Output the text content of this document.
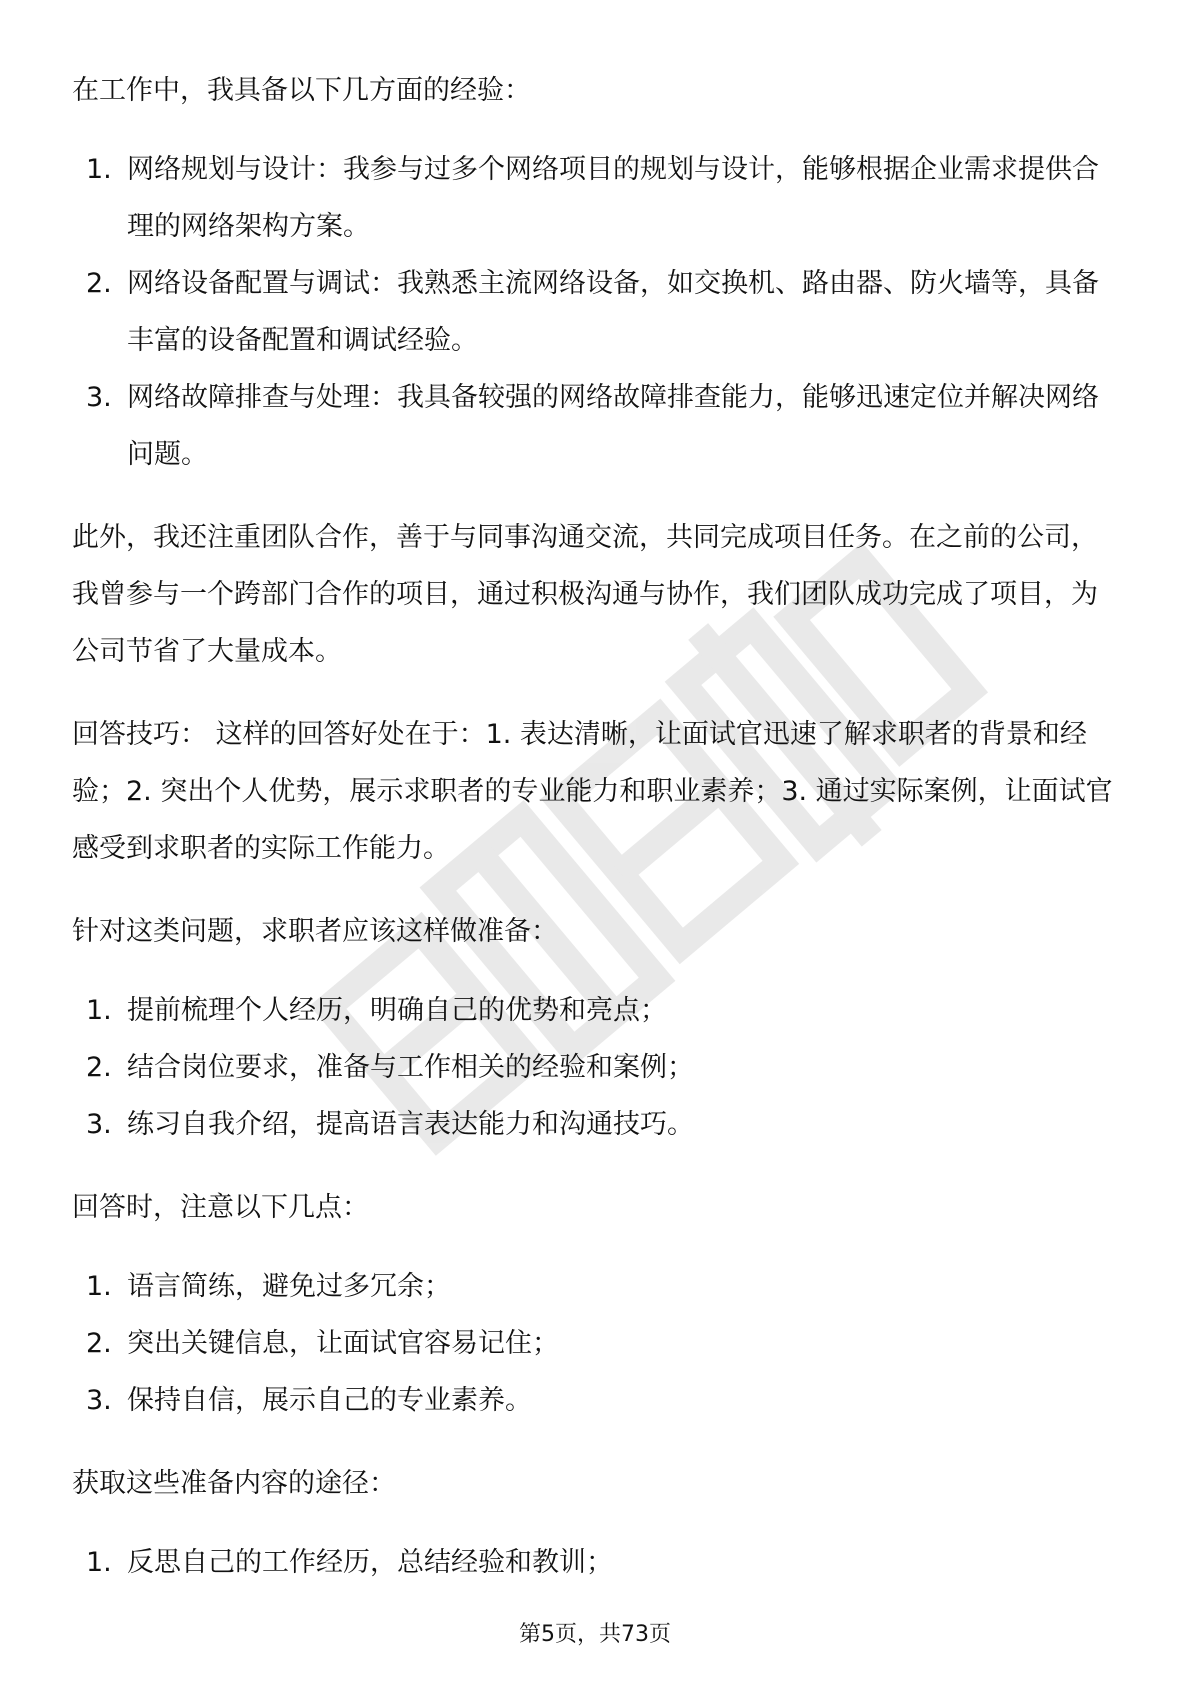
在工作中，我具备以下几方面的经验：

1. 网络规划与设计：我参与过多个网络项目的规划与设计，能够根据企业需求提供合理的网络架构方案。
2. 网络设备配置与调试：我熟悉主流网络设备，如交换机、路由器、防火墙等，具备丰富的设备配置和调试经验。
3. 网络故障排查与处理：我具备较强的网络故障排查能力，能够迅速定位并解决网络问题。

此外，我还注重团队合作，善于与同事沟通交流，共同完成项目任务。在之前的公司，我曾参与一个跨部门合作的项目，通过积极沟通与协作，我们团队成功完成了项目，为公司节省了大量成本。

回答技巧： 这样的回答好处在于：1. 表达清晰，让面试官迅速了解求职者的背景和经验；2. 突出个人优势，展示求职者的专业能力和职业素养；3. 通过实际案例，让面试官感受到求职者的实际工作能力。

针对这类问题，求职者应该这样做准备：

1. 提前梳理个人经历，明确自己的优势和亮点；
2. 结合岗位要求，准备与工作相关的经验和案例；
3. 练习自我介绍，提高语言表达能力和沟通技巧。

回答时，注意以下几点：

1. 语言简练，避免过多冗余；
2. 突出关键信息，让面试官容易记住；
3. 保持自信，展示自己的专业素养。

获取这些准备内容的途径：

1. 反思自己的工作经历，总结经验和教训；
第5页，共73页
